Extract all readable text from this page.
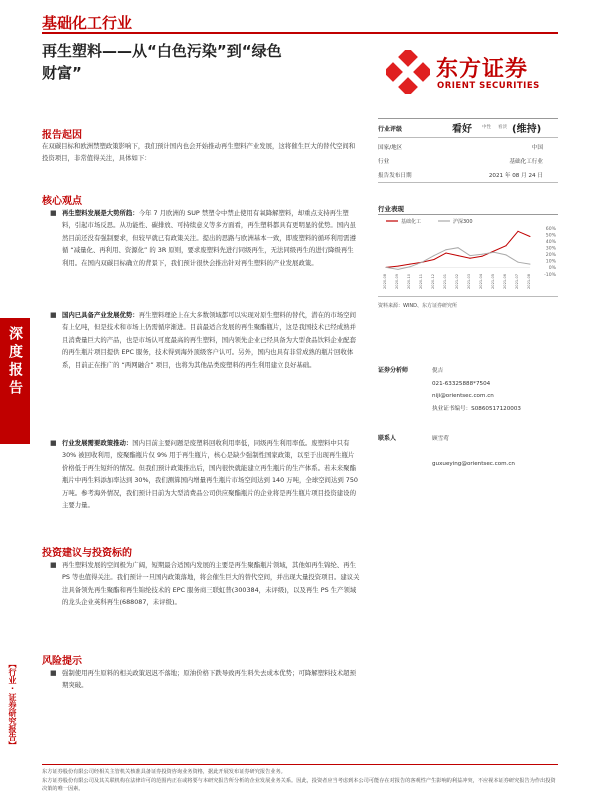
基础化工行业
再生塑料——从“白色污染”到“绿色
财富”	东方证券
ORIENT SECURITIES
深度报告
【行业·证券研究报告】
报告起因
在双碳目标和欧洲禁塑政策影响下，我们预计国内也会开始推动再生塑料产业发展，这将催生巨大的替代空间和投资项目，非常值得关注，具体如下：
核心观点
■ 再生塑料发展是大势所趋：今年 7 月欧洲的 SUP 禁塑令中禁止使用有氧降解塑料，却重点支持再生塑料，引起市场反思。从功能性、碳排放、可持续意义等多方面看，再生塑料都具有更明显的优势。国内虽然目前还没有强制要求，但较早就已有政策关注。提出的思路与欧洲基本一致，即废塑料的循环利用需遵循 “减量化、再利用、资源化” 的 3R 原则，要求废塑料先进行同级再生，无法同级再生的进行降级再生利用。在国内双碳目标确立的背景下，我们预计很快会推出针对再生塑料的产业发展政策。
■ 国内已具备产业发展优势：再生塑料理论上在大多数领域都可以实现对原生塑料的替代，潜在的市场空间有上亿吨，但是技术和市场上仍需循序渐进。目前最适合发展的再生聚酯瓶片，这是我国技术已经成熟并且消费量巨大的产品，也是市场认可度最高的再生塑料，国内领先企业已经具备为大型食品饮料企业配套的再生瓶片项目提供 EPC 服务，技术得到海外顶级客户认可。另外，国内也具有非常成熟的瓶片回收体系，目前正在推广的 “两网融合” 项目，也将为其他品类废塑料的再生利用建立良好基础。
■ 行业发展需要政策推动：国内目前主要问题是废塑料回收利用率低，同级再生利用率低。废塑料中只有 30% 被回收利用，废聚酯瓶片仅 9% 用于再生瓶片，核心是缺少强制性国家政策，以至于出现再生瓶片价格低于再生短纤的情况。但我们预计政策推出后，国内很快就能建立再生瓶片的生产体系。若未来聚酯瓶片中再生料添加率达到 30%，我们测算国内增量再生瓶片市场空间达到 140 万吨，全球空间达到 750 万吨。参考海外情况，我们预计目前为大型消费品公司供应聚酯瓶片的企业将是再生瓶片项目投资建设的主要力量。
投资建议与投资标的
■ 再生塑料发展的空间极为广阔，短期最合适国内发展的主要是再生聚酯瓶片领域，其他如再生锦纶、再生 PS 等也值得关注。我们预计一旦国内政策落地，将会催生巨大的替代空间，并出现大量投资项目。建议关注具备领先再生聚酯和再生锦纶技术的 EPC 服务商三联虹普(300384，未评级)，以及再生 PS 生产领域的龙头企业英科再生(688087，未评级)。
风险提示
■ 强制使用再生原料的相关政策迟迟不落地；原油价格下跌导致再生料失去成本优势；可降解塑料技术超预期突破。
行业评级	看好 中性 看淡 (维持)
国家/地区	中国
行业	基础化工行业
报告发布日期	2021 年 08 月 24 日
行业表现
基础化工	沪深300
60%
50%
40%
30%
20%
10%
0%
-10%
2020-08 2020-09 2020-10 2020-11 2020-12 2021-01 2021-02 2021-03 2021-04 2021-05 2021-06 2021-07 2021-08
资料来源：WIND、东方证券研究所
证券分析师	倪吉
021-63325888*7504
niji@orientsec.com.cn
执业证书编号：S0860517120003
联系人	顾雪莺
guxueying@orientsec.com.cn
东方证券股份有限公司经相关主管机关核准具备证券投资咨询业务资格，据此开展发布证券研究报告业务。
东方证券股份有限公司及其关联机构在法律许可的范围内正在或将要与本研究报告所分析的企业发展业务关系。因此，投资者应当考虑到本公司可能存在对报告的客观性产生影响的利益冲突，不应视本证券研究报告为作出投资决策的唯一因素。
